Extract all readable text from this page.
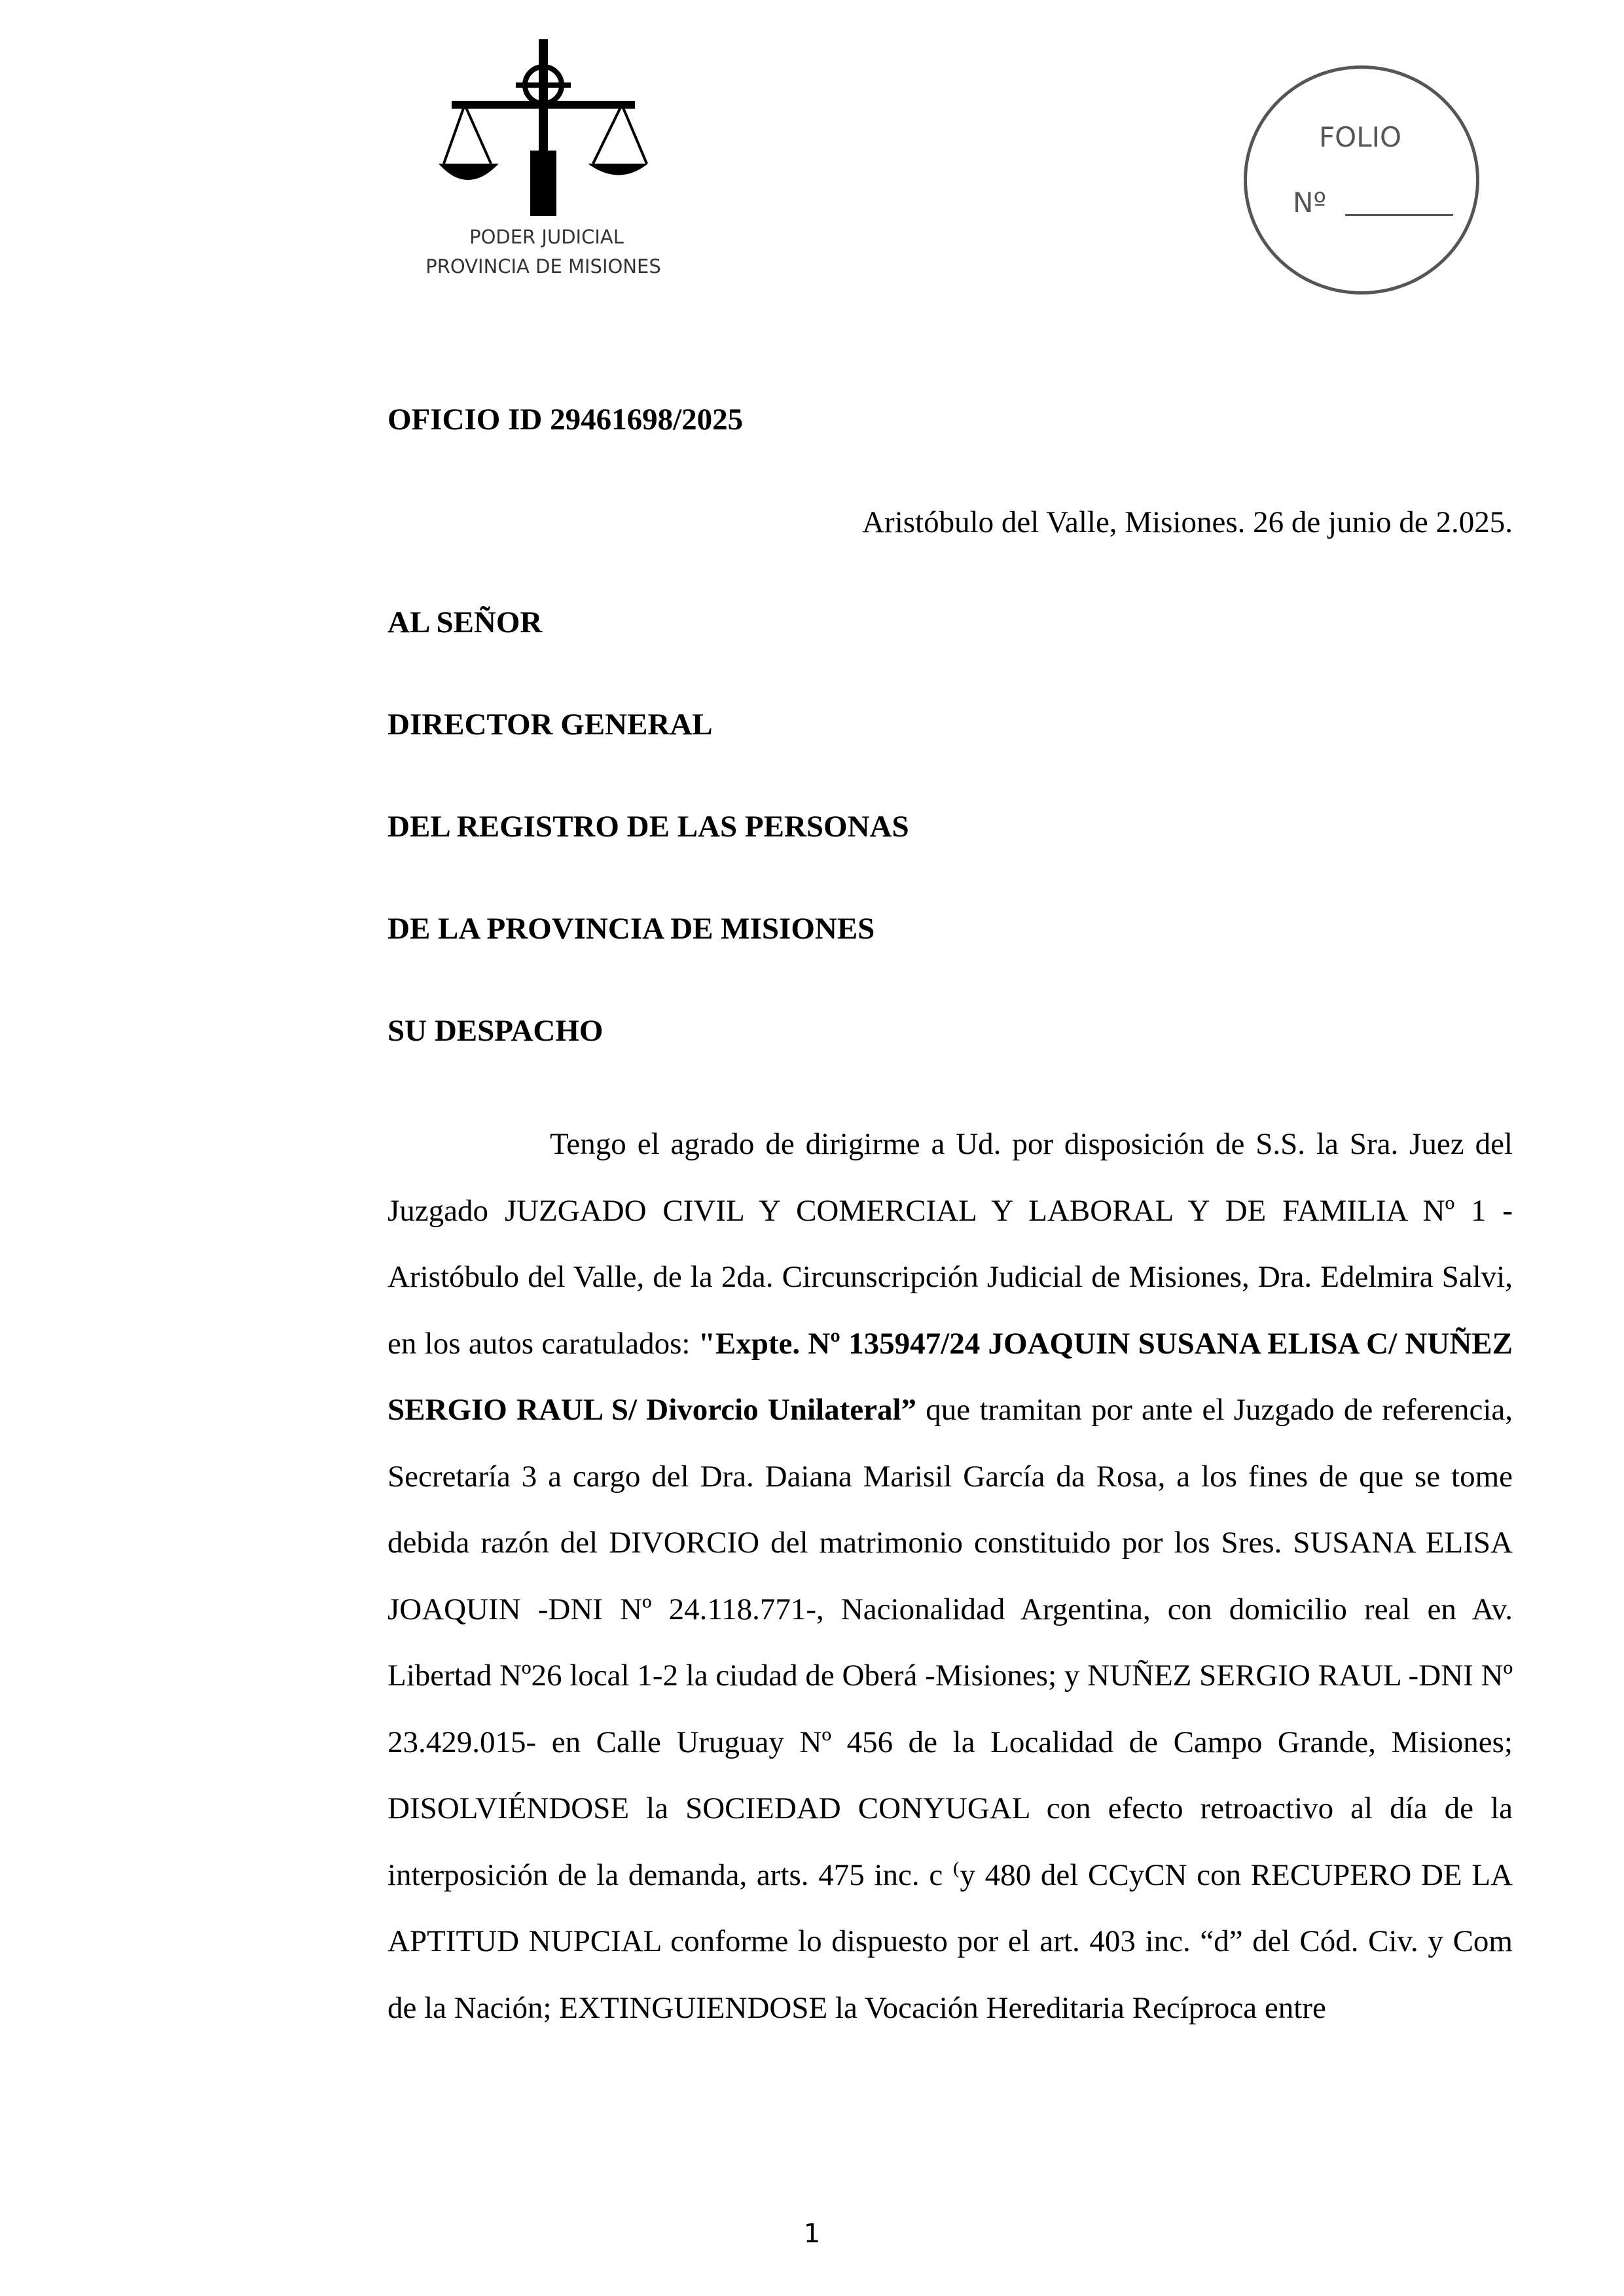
PODER JUDICIAL
PROVINCIA DE MISIONES
FOLIO
Nº
OFICIO ID 29461698/2025
Aristóbulo del Valle, Misiones. 26 de junio de 2.025.
AL SEÑOR
DIRECTOR GENERAL
DEL REGISTRO DE LAS PERSONAS
DE LA PROVINCIA DE MISIONES
SU DESPACHO
Tengo el agrado de dirigirme a Ud. por disposición de S.S. la Sra. Juez del Juzgado JUZGADO CIVIL Y COMERCIAL Y LABORAL Y DE FAMILIA Nº 1 - Aristóbulo del Valle, de la 2da. Circunscripción Judicial de Misiones, Dra. Edelmira Salvi, en los autos caratulados: "Expte. Nº 135947/24 JOAQUIN SUSANA ELISA C/ NUÑEZ SERGIO RAUL S/ Divorcio Unilateral” que tramitan por ante el Juzgado de referencia, Secretaría 3 a cargo del Dra. Daiana Marisil García da Rosa, a los fines de que se tome debida razón del DIVORCIO del matrimonio constituido por los Sres. SUSANA ELISA JOAQUIN -DNI Nº 24.118.771-, Nacionalidad Argentina, con domicilio real en Av. Libertad Nº26 local 1-2 la ciudad de Oberá -Misiones; y NUÑEZ SERGIO RAUL -DNI Nº 23.429.015- en Calle Uruguay Nº 456 de la Localidad de Campo Grande, Misiones; DISOLVIÉNDOSE la SOCIEDAD CONYUGAL con efecto retroactivo al día de la interposición de la demanda, arts. 475 inc. c ⁽y 480 del CCyCN con RECUPERO DE LA APTITUD NUPCIAL conforme lo dispuesto por el art. 403 inc. “d” del Cód. Civ. y Com de la Nación; EXTINGUIENDOSE la Vocación Hereditaria Recíproca entre
1
